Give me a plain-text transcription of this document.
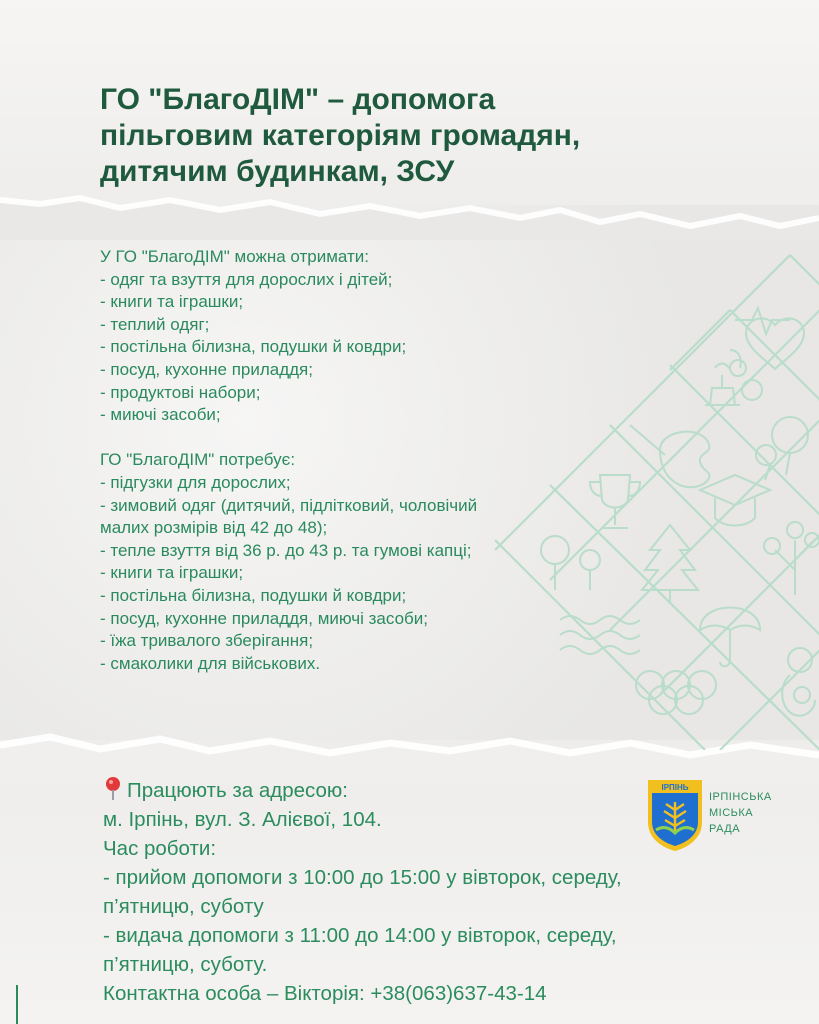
ГО "БлагоДІМ" – допомога
пільговим категоріям громадян,
дитячим будинкам, ЗСУ
У ГО "БлагоДІМ" можна отримати:
- одяг та взуття для дорослих і дітей;
- книги та іграшки;
- теплий одяг;
- постільна білизна, подушки й ковдри;
- посуд, кухонне приладдя;
- продуктові набори;
- миючі засоби;
ГО "БлагоДІМ" потребує:
- підгузки для дорослих;
- зимовий одяг (дитячий, підлітковий, чоловічий
малих розмірів від 42 до 48);
- тепле взуття від 36 р. до 43 р. та гумові капці;
- книги та іграшки;
- постільна білизна, подушки й ковдри;
- посуд, кухонне приладдя, миючі засоби;
- їжа тривалого зберігання;
- смаколики для військових.
Працюють за адресою:
м. Ірпінь, вул. З. Алієвої, 104.
Час роботи:
- прийом допомоги з 10:00 до 15:00 у вівторок, середу,
п’ятницю, суботу
- видача допомоги з 11:00 до 14:00 у вівторок, середу,
п’ятницю, суботу.
Контактна особа – Вікторія: +38(063)637-43-14
ІРПІНЬ
ІРПІНСЬКА
МІСЬКА
РАДА
